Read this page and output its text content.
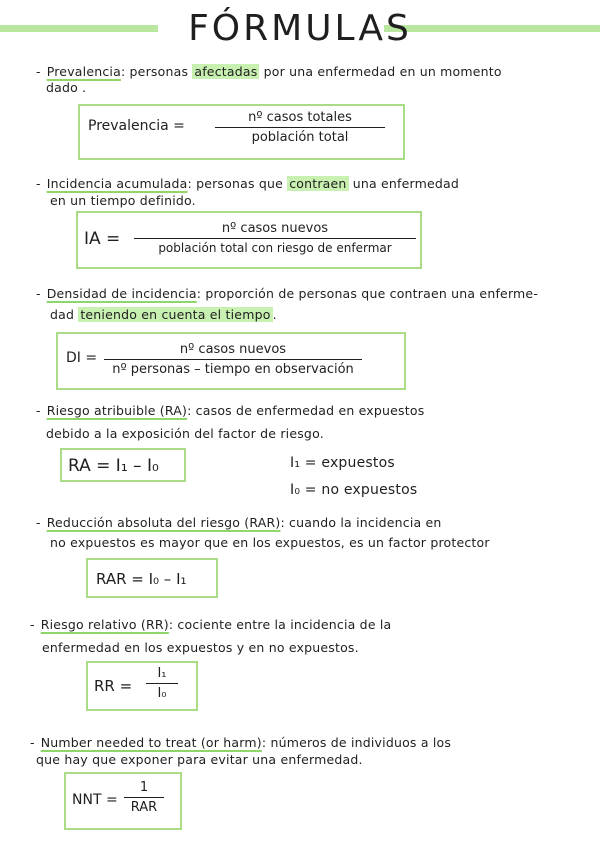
FÓRMULAS
- Prevalencia: personas afectadas por una enfermedad en un momento
dado .
Prevalencia =
nº casos totales
población total
- Incidencia acumulada: personas que contraen una enfermedad
en un tiempo definido.
IA =
nº casos nuevos
población total con riesgo de enfermar
- Densidad de incidencia: proporción de personas que contraen una enferme-
dad teniendo en cuenta el tiempo .
DI =
nº casos nuevos
nº personas – tiempo en observación
- Riesgo atribuible (RA): casos de enfermedad en expuestos
debido a la exposición del factor de riesgo.
RA = I₁ – I₀	I₁ = expuestos
I₀ = no expuestos
- Reducción absoluta del riesgo (RAR): cuando la incidencia en
no expuestos es mayor que en los expuestos, es un factor protector
RAR = I₀ – I₁
- Riesgo relativo (RR): cociente entre la incidencia de la
enfermedad en los expuestos y en no expuestos.
RR =
I₁
I₀
- Number needed to treat (or harm): números de individuos a los
que hay que exponer para evitar una enfermedad.
NNT =
1
RAR
